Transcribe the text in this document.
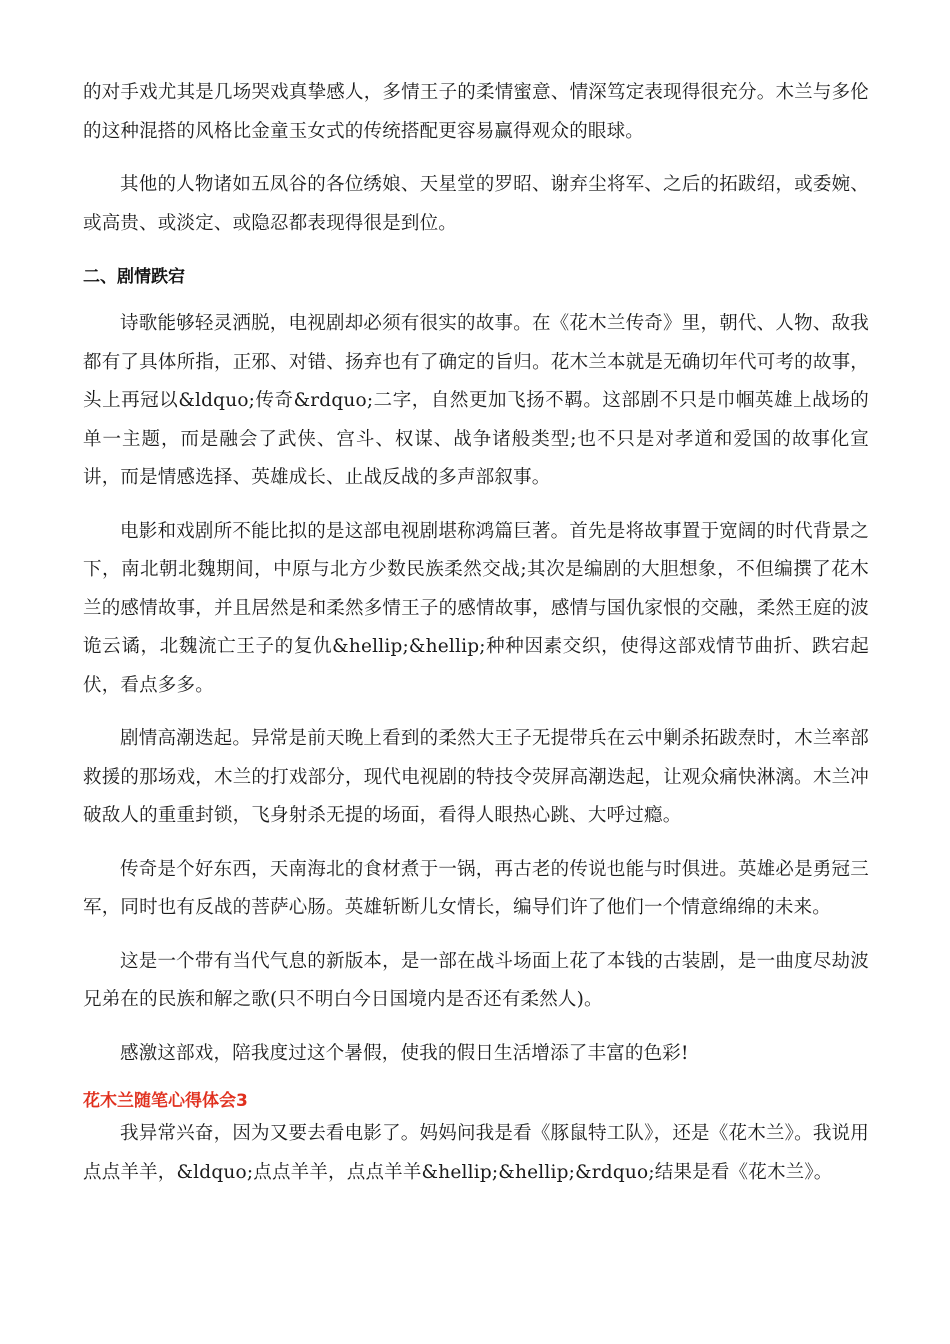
的对手戏尤其是几场哭戏真挚感人，多情王子的柔情蜜意、情深笃定表现得很充分。木兰与多伦的这种混搭的风格比金童玉女式的传统搭配更容易赢得观众的眼球。

其他的人物诸如五凤谷的各位绣娘、天星堂的罗昭、谢弃尘将军、之后的拓跋绍，或委婉、或高贵、或淡定、或隐忍都表现得很是到位。

二、剧情跌宕

诗歌能够轻灵洒脱，电视剧却必须有很实的故事。在《花木兰传奇》里，朝代、人物、敌我都有了具体所指，正邪、对错、扬弃也有了确定的旨归。花木兰本就是无确切年代可考的故事，头上再冠以&ldquo;传奇&rdquo;二字，自然更加飞扬不羁。这部剧不只是巾帼英雄上战场的单一主题，而是融会了武侠、宫斗、权谋、战争诸般类型;也不只是对孝道和爱国的故事化宣讲，而是情感选择、英雄成长、止战反战的多声部叙事。

电影和戏剧所不能比拟的是这部电视剧堪称鸿篇巨著。首先是将故事置于宽阔的时代背景之下，南北朝北魏期间，中原与北方少数民族柔然交战;其次是编剧的大胆想象，不但编撰了花木兰的感情故事，并且居然是和柔然多情王子的感情故事，感情与国仇家恨的交融，柔然王庭的波诡云谲，北魏流亡王子的复仇&hellip;&hellip;种种因素交织，使得这部戏情节曲折、跌宕起伏，看点多多。

剧情高潮迭起。异常是前天晚上看到的柔然大王子无提带兵在云中剿杀拓跋焘时，木兰率部救援的那场戏，木兰的打戏部分，现代电视剧的特技令荧屏高潮迭起，让观众痛快淋漓。木兰冲破敌人的重重封锁，飞身射杀无提的场面，看得人眼热心跳、大呼过瘾。

传奇是个好东西，天南海北的食材煮于一锅，再古老的传说也能与时俱进。英雄必是勇冠三军，同时也有反战的菩萨心肠。英雄斩断儿女情长，编导们许了他们一个情意绵绵的未来。

这是一个带有当代气息的新版本，是一部在战斗场面上花了本钱的古装剧，是一曲度尽劫波兄弟在的民族和解之歌(只不明白今日国境内是否还有柔然人)。

感激这部戏，陪我度过这个暑假，使我的假日生活增添了丰富的色彩!

花木兰随笔心得体会3

我异常兴奋，因为又要去看电影了。妈妈问我是看《豚鼠特工队》，还是《花木兰》。我说用点点羊羊，&ldquo;点点羊羊，点点羊羊&hellip;&hellip;&rdquo;结果是看《花木兰》。
